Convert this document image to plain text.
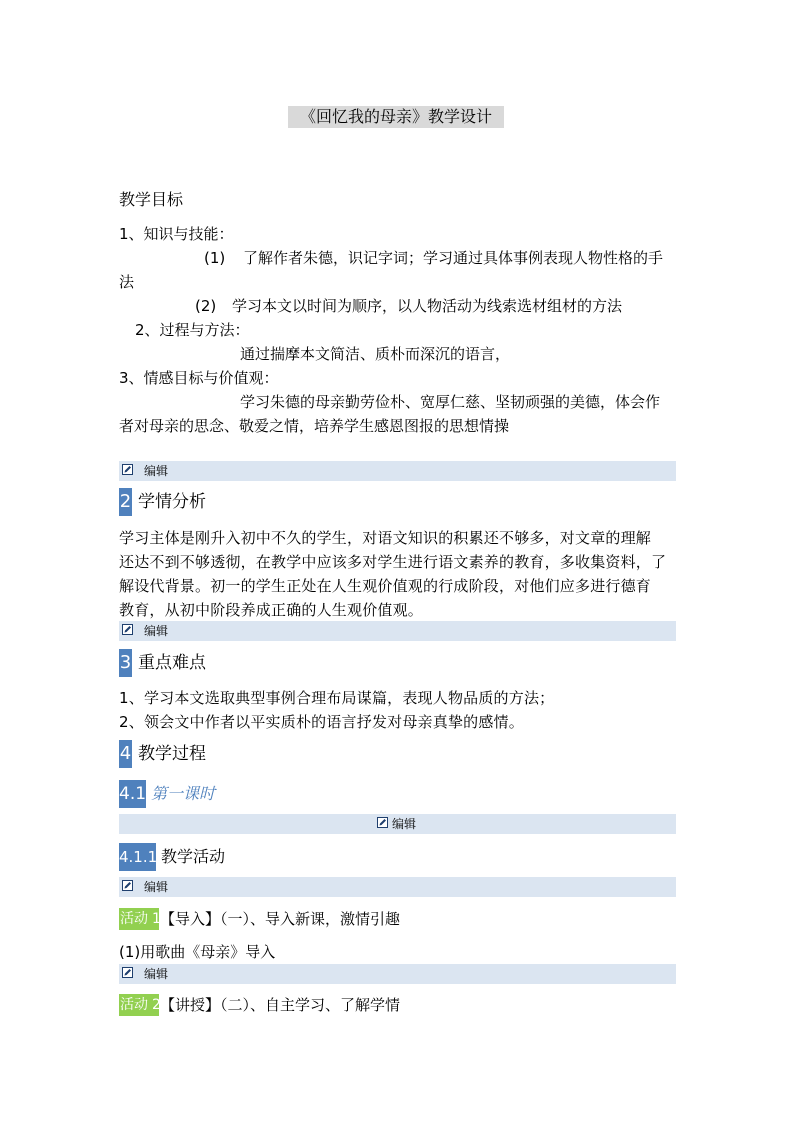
《回忆我的母亲》教学设计
教学目标
1、知识与技能：
(1) 了解作者朱德，识记字词；学习通过具体事例表现人物性格的手
法
(2) 学习本文以时间为顺序，以人物活动为线索选材组材的方法
2、过程与方法：
通过揣摩本文简洁、质朴而深沉的语言，
3、情感目标与价值观：
学习朱德的母亲勤劳俭朴、宽厚仁慈、坚韧顽强的美德，体会作
者对母亲的思念、敬爱之情，培养学生感恩图报的思想情操
编辑
2 学情分析
学习主体是刚升入初中不久的学生，对语文知识的积累还不够多，对文章的理解
还达不到不够透彻，在教学中应该多对学生进行语文素养的教育，多收集资料，了
解设代背景。初一的学生正处在人生观价值观的行成阶段，对他们应多进行德育
教育，从初中阶段养成正确的人生观价值观。
编辑
3 重点难点
1、学习本文选取典型事例合理布局谋篇，表现人物品质的方法；
2、领会文中作者以平实质朴的语言抒发对母亲真挚的感情。
4 教学过程
4.1 第一课时
编辑
4.1.1 教学活动
编辑
活动 1 【导入】（一）、导入新课，激情引趣
(1)用歌曲《母亲》导入
编辑
活动 2 【讲授】（二）、自主学习、了解学情
